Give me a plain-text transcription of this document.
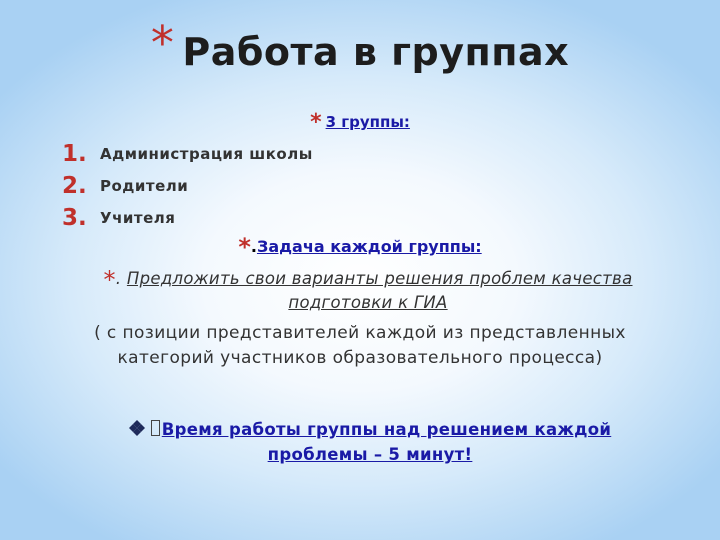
* Работа в группах
* 3 группы:
1. Администрация школы
2. Родители
3. Учителя
*.Задача каждой группы:
*. Предложить свои варианты решения проблем качества подготовки к ГИА
( с позиции представителей каждой из представленных категорий участников образовательного процесса)
Время работы группы над решением каждой проблемы – 5 минут!
